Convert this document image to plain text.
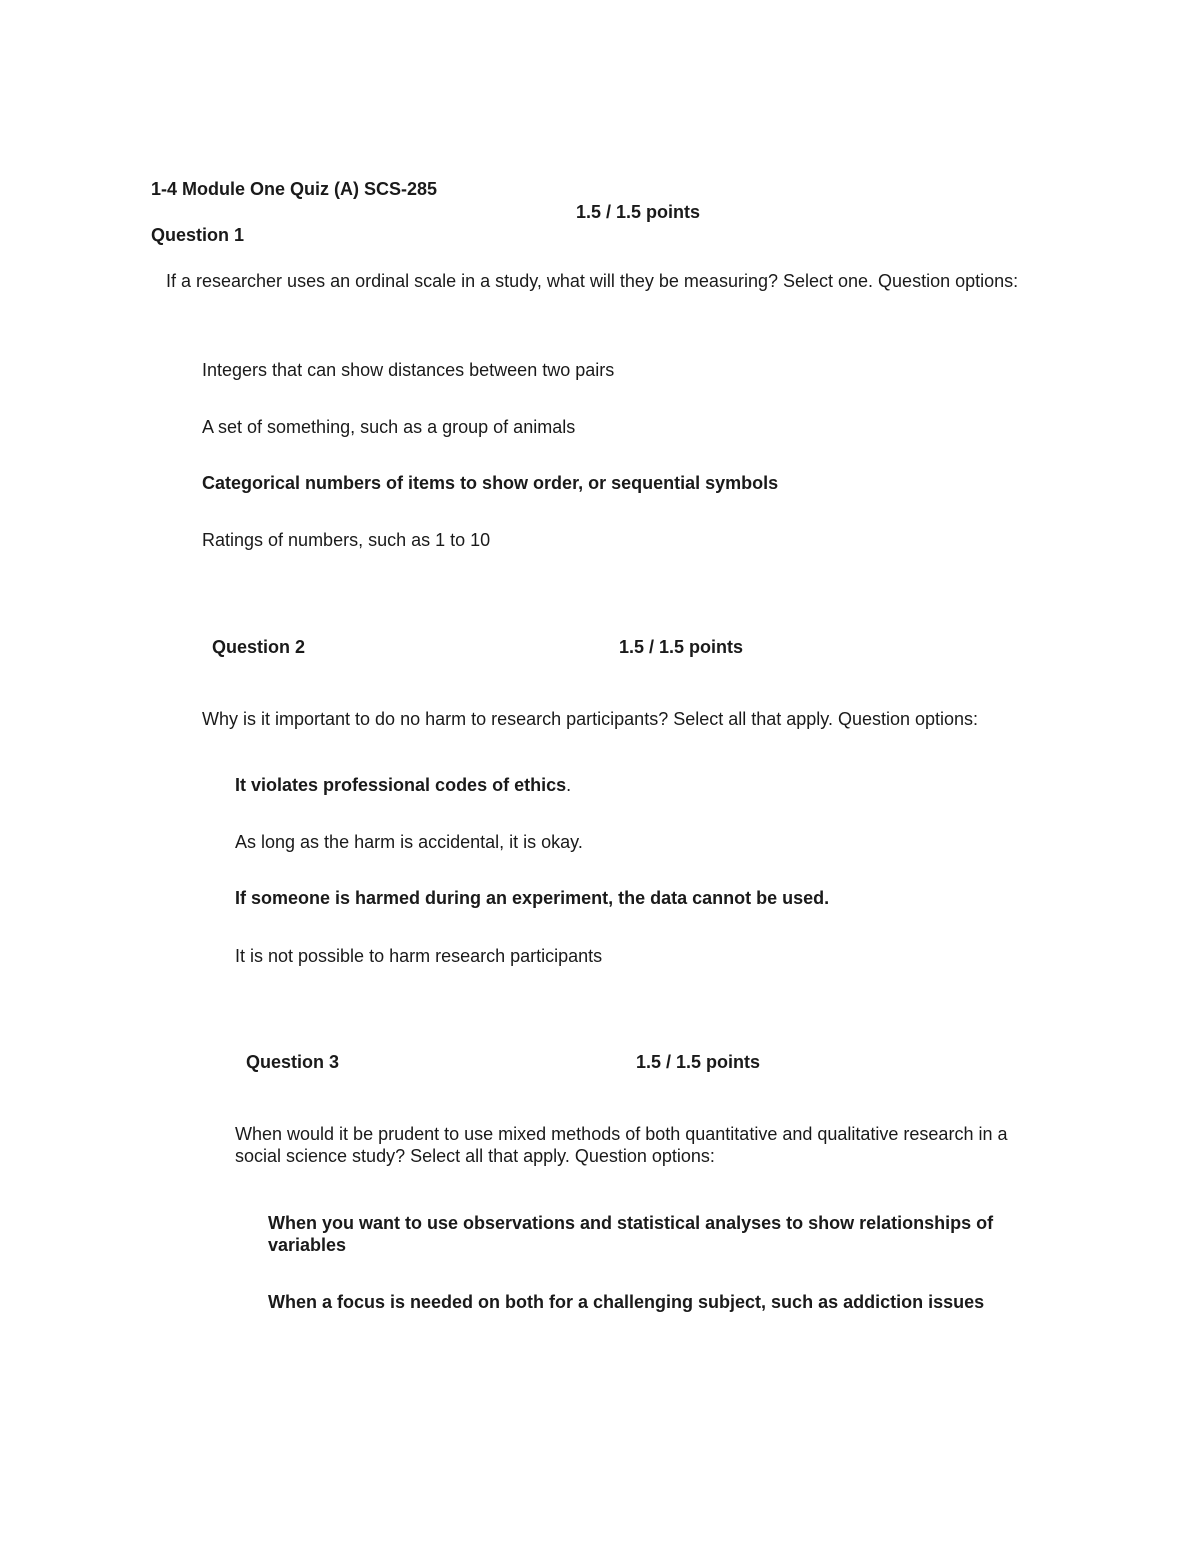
1-4 Module One Quiz (A) SCS-285
1.5 / 1.5 points
Question 1
If a researcher uses an ordinal scale in a study, what will they be measuring? Select one. Question options:
Integers that can show distances between two pairs
A set of something, such as a group of animals
Categorical numbers of items to show order, or sequential symbols
Ratings of numbers, such as 1 to 10
Question 2	1.5 / 1.5 points
Why is it important to do no harm to research participants? Select all that apply. Question options:
It violates professional codes of ethics.
As long as the harm is accidental, it is okay.
If someone is harmed during an experiment, the data cannot be used.
It is not possible to harm research participants
Question 3	1.5 / 1.5 points
When would it be prudent to use mixed methods of both quantitative and qualitative research in a social science study? Select all that apply. Question options:
When you want to use observations and statistical analyses to show relationships of variables
When a focus is needed on both for a challenging subject, such as addiction issues
